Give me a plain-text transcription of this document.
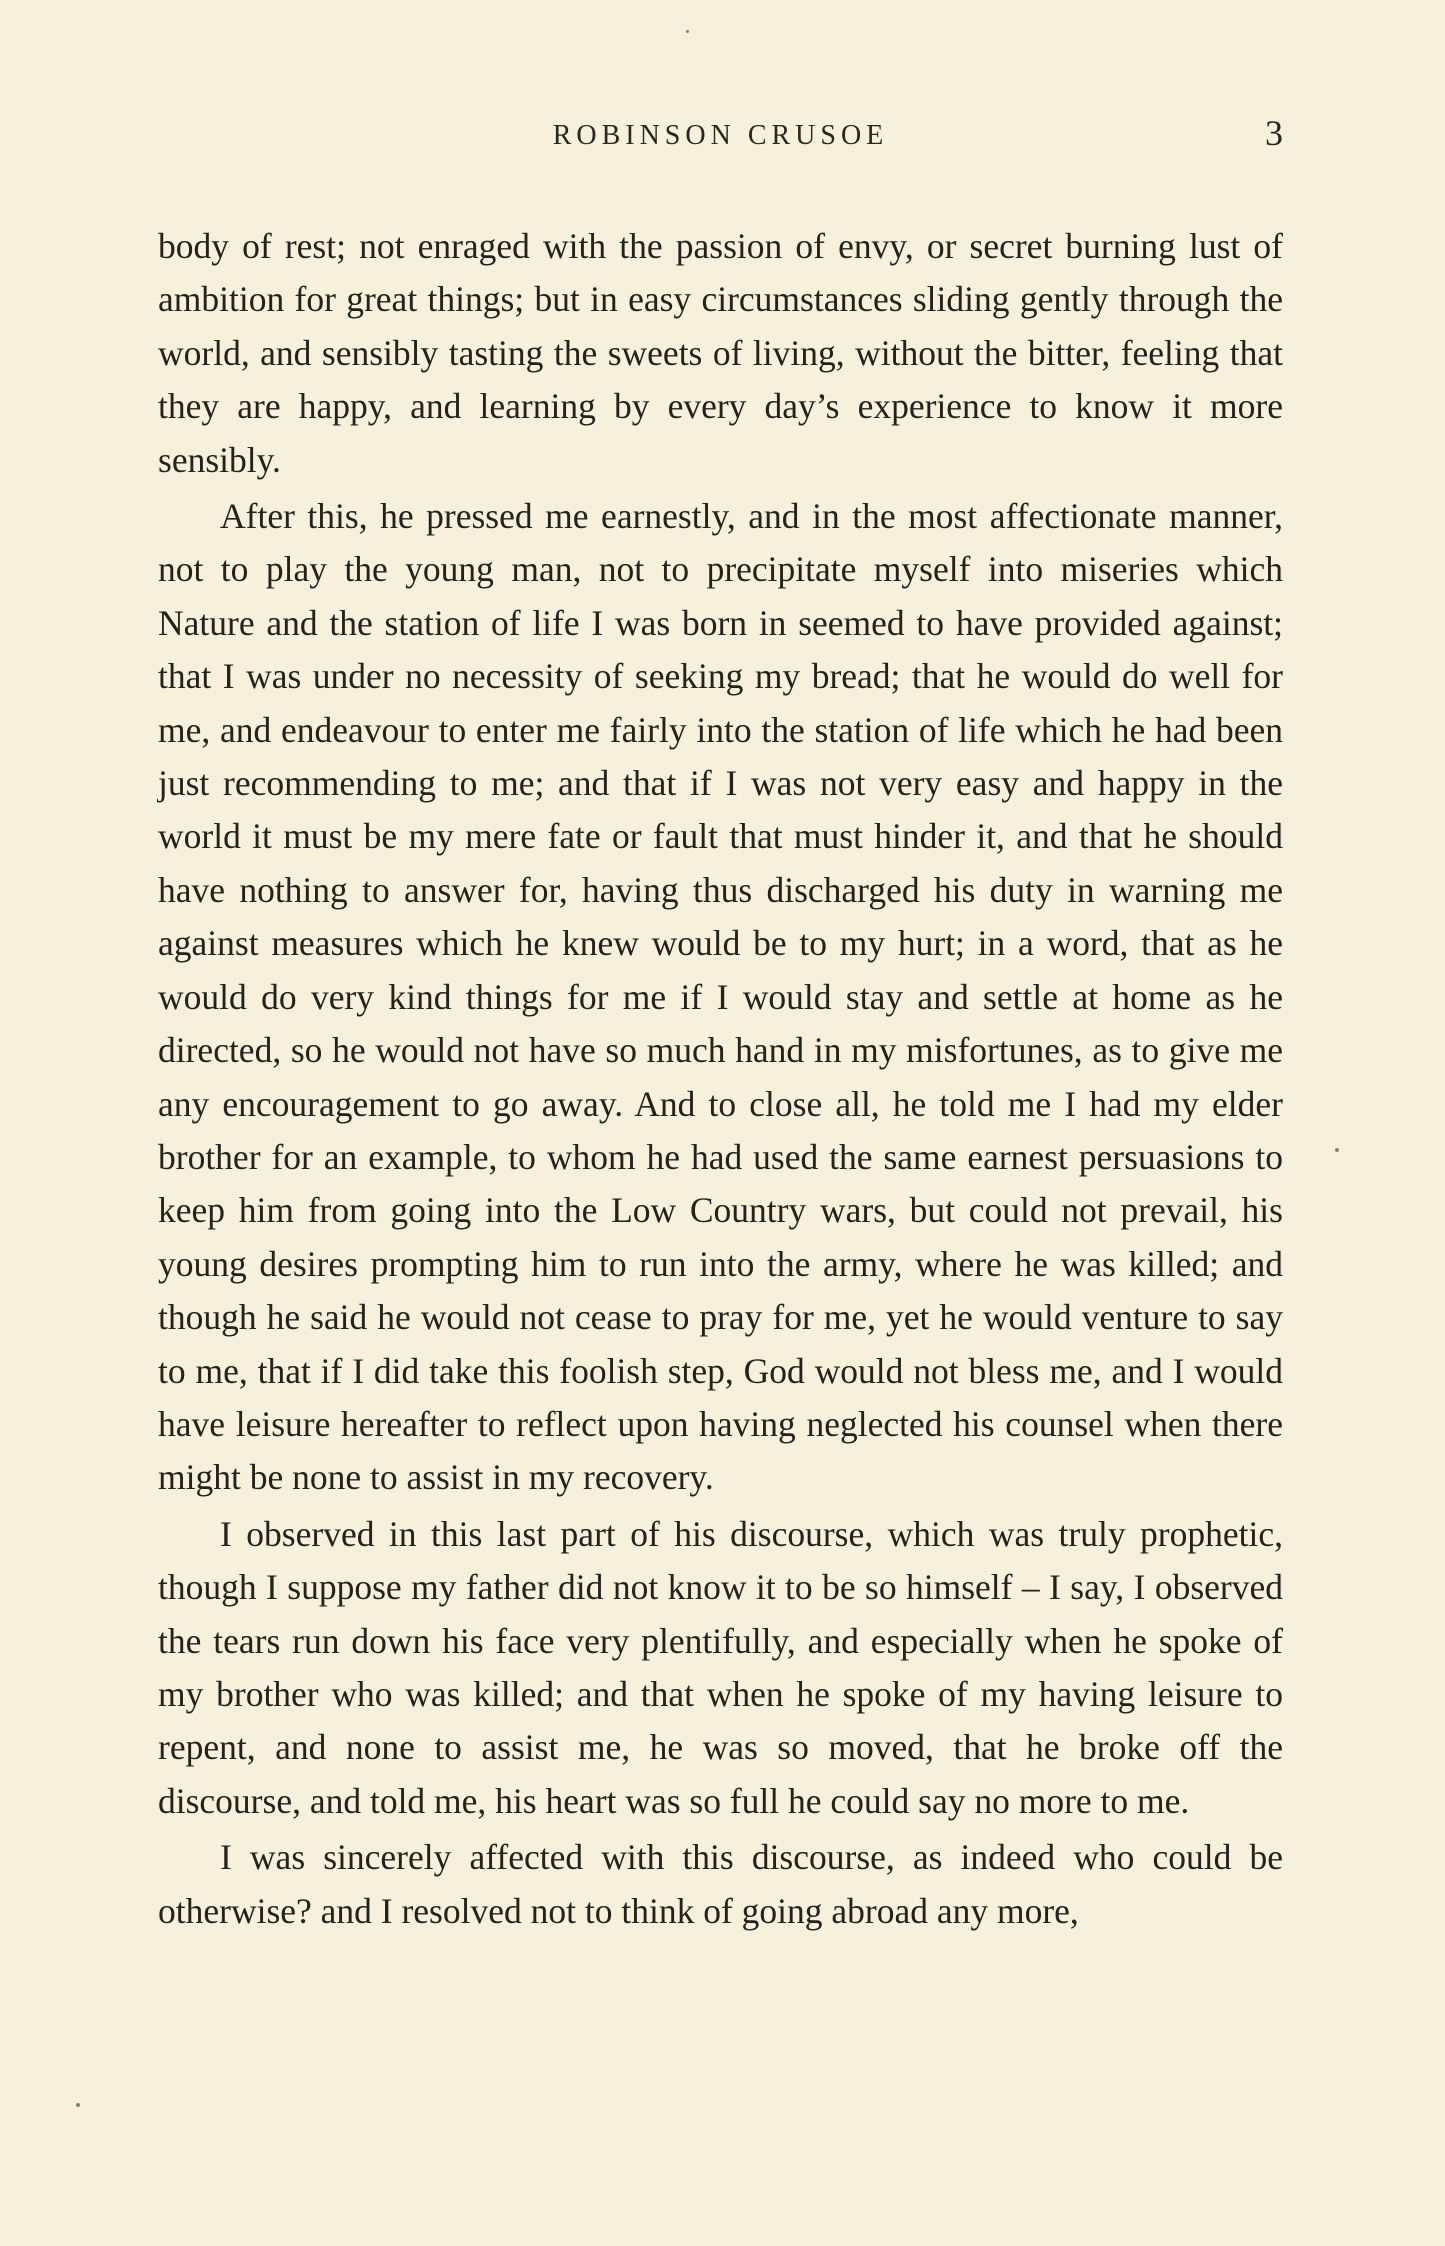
ROBINSON CRUSOE	3

body of rest; not enraged with the passion of envy, or secret burning lust of ambition for great things; but in easy circumstances sliding gently through the world, and sensibly tasting the sweets of living, without the bitter, feeling that they are happy, and learning by every day’s experience to know it more sensibly.

After this, he pressed me earnestly, and in the most affectionate manner, not to play the young man, not to precipitate myself into miseries which Nature and the station of life I was born in seemed to have provided against; that I was under no necessity of seeking my bread; that he would do well for me, and endeavour to enter me fairly into the station of life which he had been just recommending to me; and that if I was not very easy and happy in the world it must be my mere fate or fault that must hinder it, and that he should have nothing to answer for, having thus discharged his duty in warning me against measures which he knew would be to my hurt; in a word, that as he would do very kind things for me if I would stay and settle at home as he directed, so he would not have so much hand in my misfortunes, as to give me any encouragement to go away. And to close all, he told me I had my elder brother for an example, to whom he had used the same earnest persuasions to keep him from going into the Low Country wars, but could not prevail, his young desires prompting him to run into the army, where he was killed; and though he said he would not cease to pray for me, yet he would venture to say to me, that if I did take this foolish step, God would not bless me, and I would have leisure hereafter to reflect upon having neglected his counsel when there might be none to assist in my recovery.

I observed in this last part of his discourse, which was truly prophetic, though I suppose my father did not know it to be so himself – I say, I observed the tears run down his face very plentifully, and especially when he spoke of my brother who was killed; and that when he spoke of my having leisure to repent, and none to assist me, he was so moved, that he broke off the discourse, and told me, his heart was so full he could say no more to me.

I was sincerely affected with this discourse, as indeed who could be otherwise? and I resolved not to think of going abroad any more,
